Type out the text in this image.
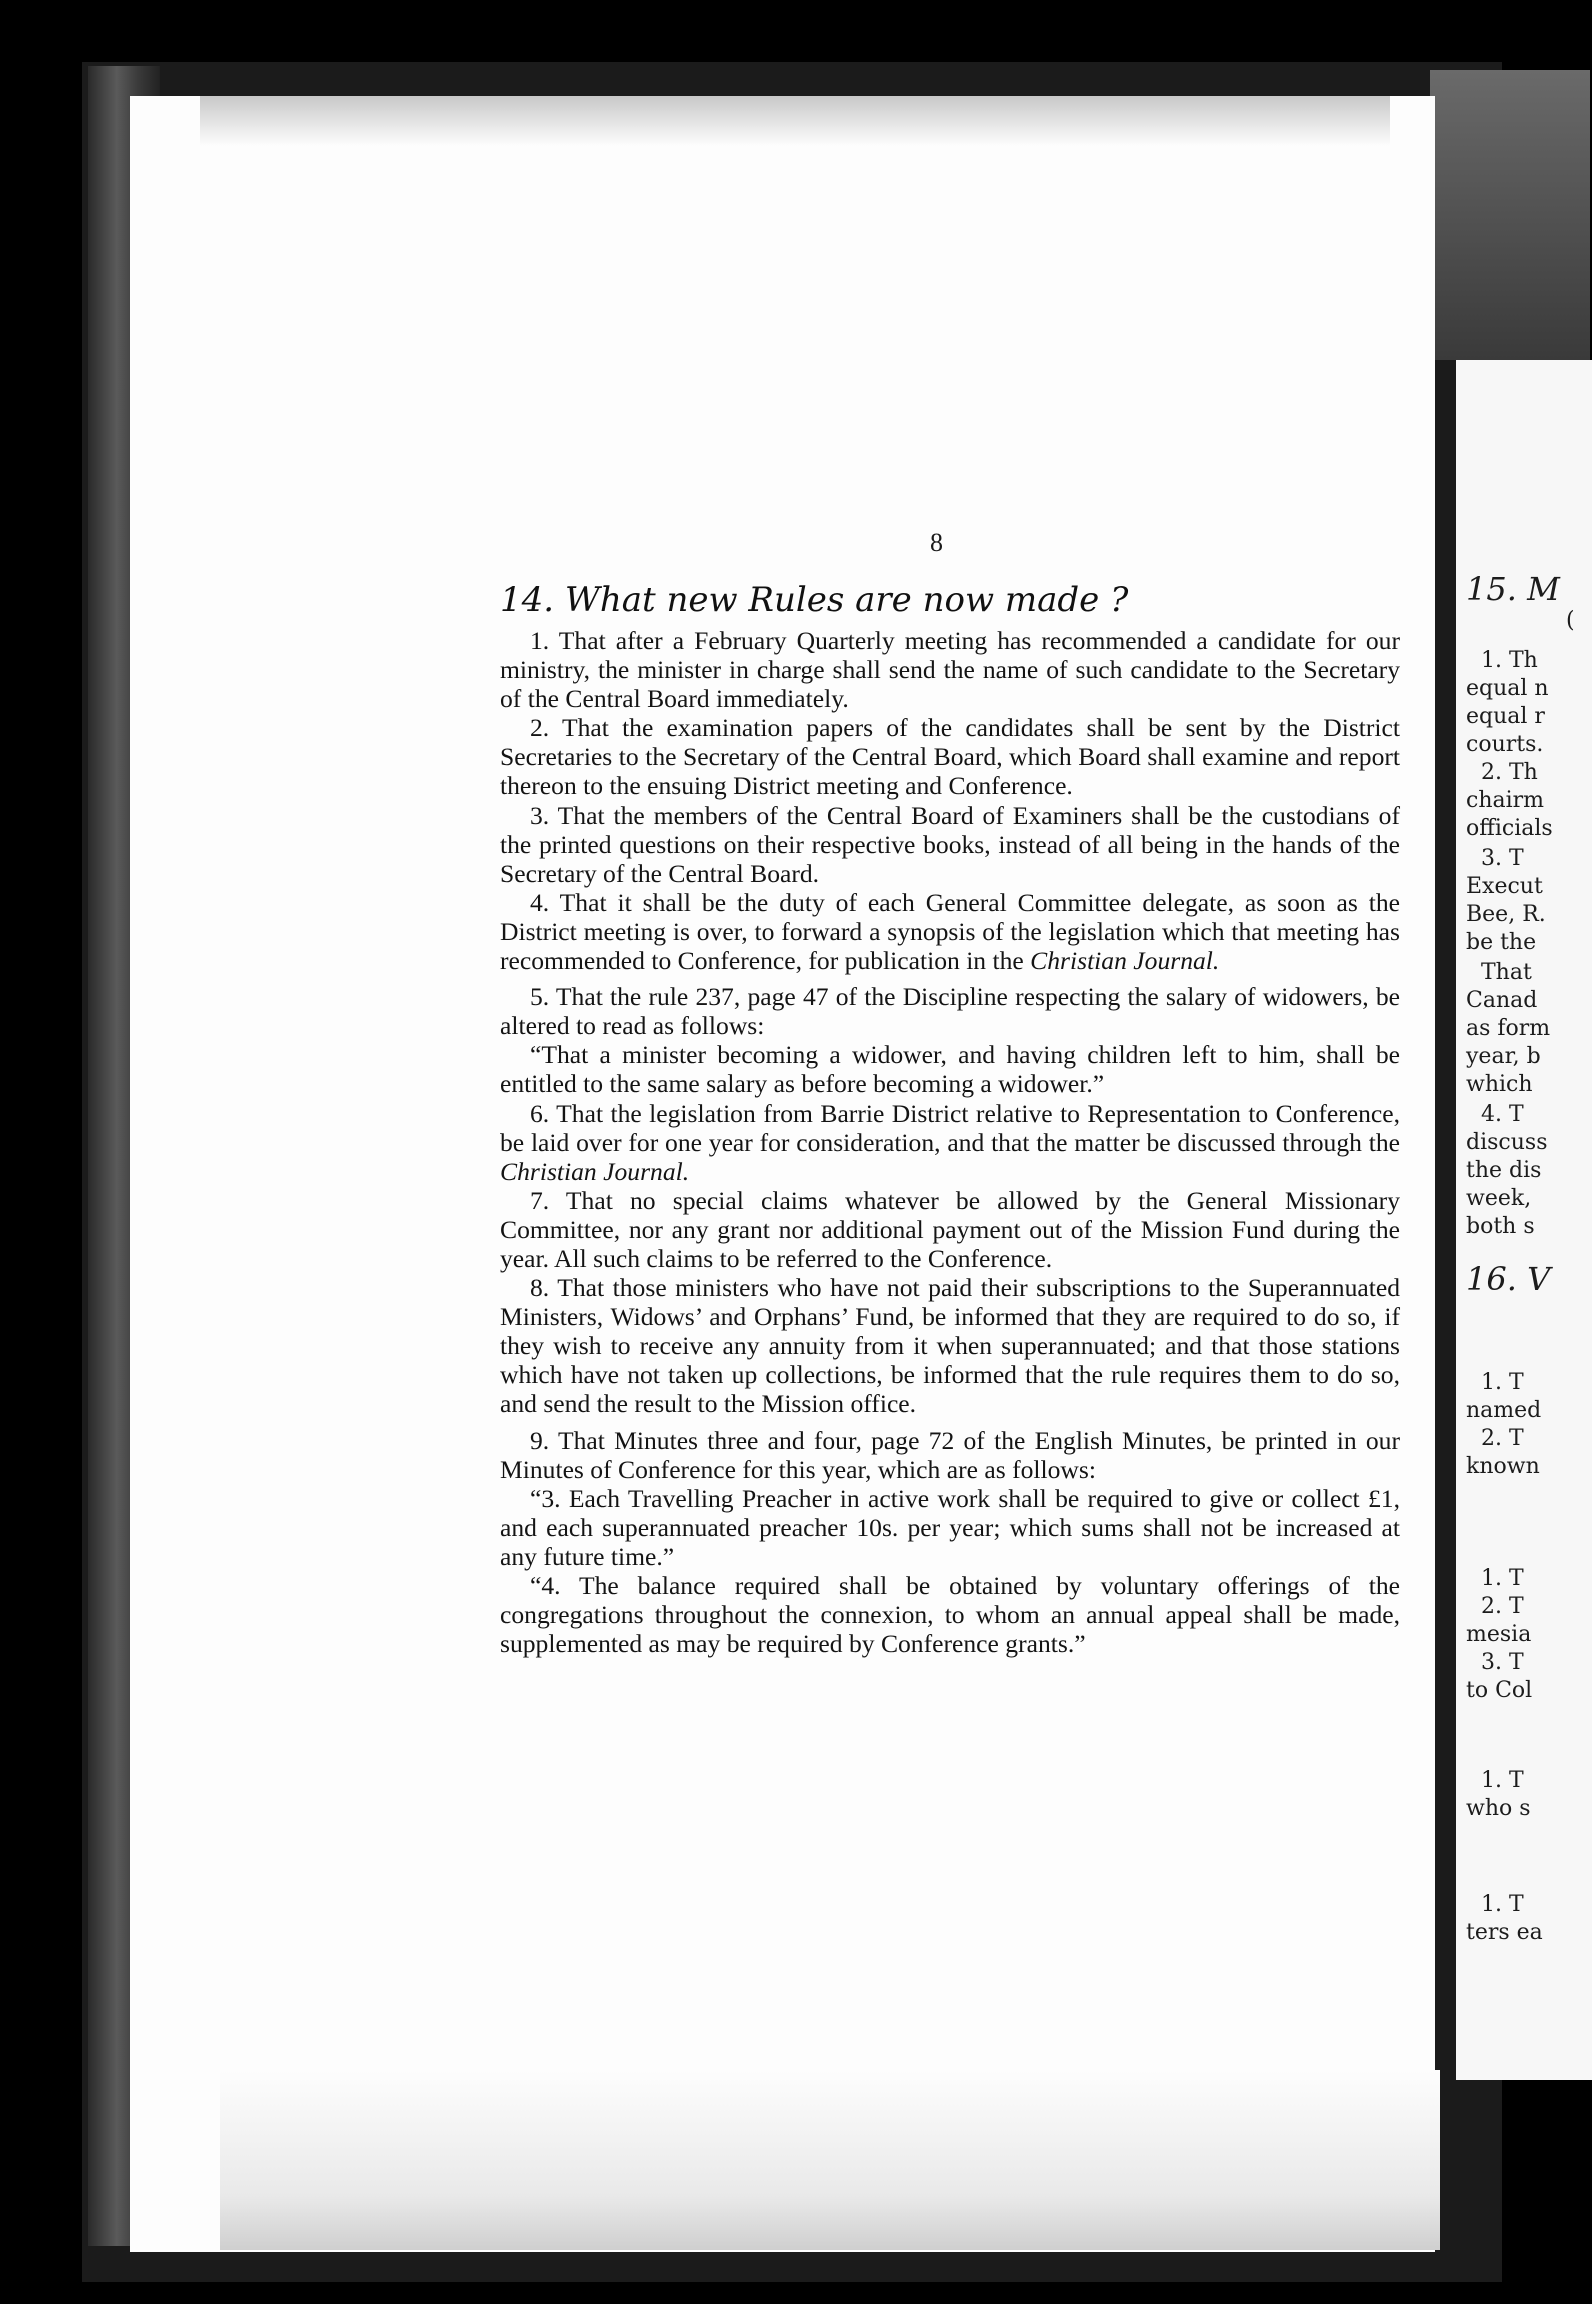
8
14. What new Rules are now made ?

1. That after a February Quarterly meeting has recommended a candidate for our ministry, the minister in charge shall send the name of such candidate to the Secretary of the Central Board immediately.

2. That the examination papers of the candidates shall be sent by the District Secretaries to the Secretary of the Central Board, which Board shall examine and report thereon to the ensuing District meeting and Conference.

3. That the members of the Central Board of Examiners shall be the custodians of the printed questions on their respective books, instead of all being in the hands of the Secretary of the Central Board.

4. That it shall be the duty of each General Committee delegate, as soon as the District meeting is over, to forward a synopsis of the legislation which that meeting has recommended to Conference, for publication in the Christian Journal.

5. That the rule 237, page 47 of the Discipline respecting the salary of widowers, be altered to read as follows:

“That a minister becoming a widower, and having children left to him, shall be entitled to the same salary as before becoming a widower.”

6. That the legislation from Barrie District relative to Representation to Conference, be laid over for one year for consideration, and that the matter be discussed through the Christian Journal.

7. That no special claims whatever be allowed by the General Missionary Committee, nor any grant nor additional payment out of the Mission Fund during the year. All such claims to be referred to the Conference.

8. That those ministers who have not paid their subscriptions to the Superannuated Ministers, Widows’ and Orphans’ Fund, be informed that they are required to do so, if they wish to receive any annuity from it when superannuated; and that those stations which have not taken up collections, be informed that the rule requires them to do so, and send the result to the Mission office.

9. That Minutes three and four, page 72 of the English Minutes, be printed in our Minutes of Conference for this year, which are as follows:

“3. Each Travelling Preacher in active work shall be required to give or collect £1, and each superannuated preacher 10s. per year; which sums shall not be increased at any future time.”

“4. The balance required shall be obtained by voluntary offerings of the congregations throughout the connexion, to whom an annual appeal shall be made, supplemented as may be required by Conference grants.”

15. M
(
1. Th
equal n
equal r
courts.
2. Th
chairm
officials
3. T
Execut
Bee, R.
be the
That
Canad
as form
year, b
which
4. T
discuss
the dis
week,
both s
16. V
1. T
named
2. T
known
1. T
2. T
mesia
3. T
to Col
1. T
who s
1. T
ters ea
